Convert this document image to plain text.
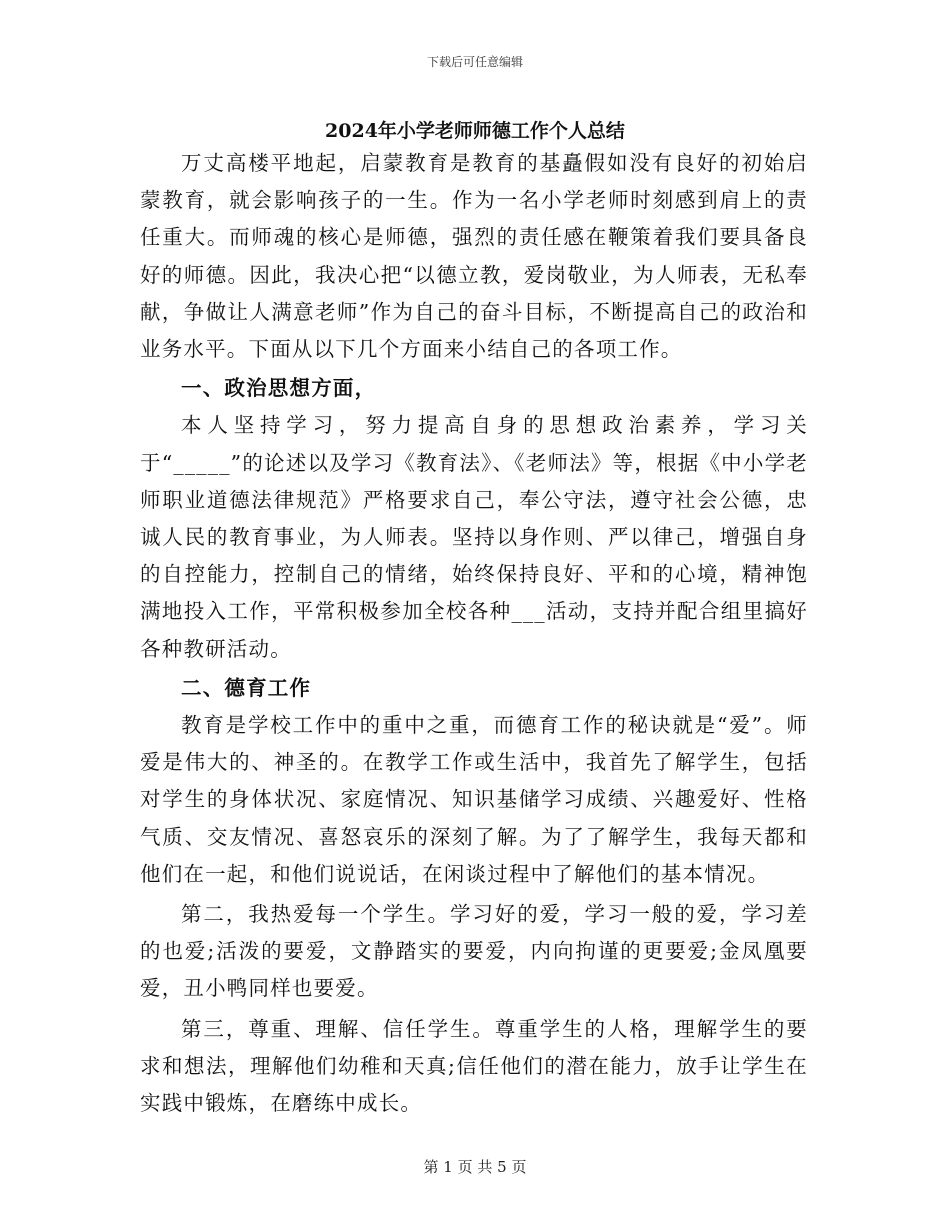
下载后可任意编辑
2024年小学老师师德工作个人总结

万丈高楼平地起，启蒙教育是教育的基矗假如没有良好的初始启蒙教育，就会影响孩子的一生。作为一名小学老师时刻感到肩上的责任重大。而师魂的核心是师德，强烈的责任感在鞭策着我们要具备良好的师德。因此，我决心把“以德立教，爱岗敬业，为人师表，无私奉献，争做让人满意老师”作为自己的奋斗目标，不断提高自己的政治和业务水平。下面从以下几个方面来小结自己的各项工作。

一、政治思想方面，

本人坚持学习，努力提高自身的思想政治素养，学习关于“_____”的论述以及学习《教育法》、《老师法》等，根据《中小学老师职业道德法律规范》严格要求自己，奉公守法，遵守社会公德，忠诚人民的教育事业，为人师表。坚持以身作则、严以律己，增强自身的自控能力，控制自己的情绪，始终保持良好、平和的心境，精神饱满地投入工作，平常积极参加全校各种___活动，支持并配合组里搞好各种教研活动。

二、德育工作

教育是学校工作中的重中之重，而德育工作的秘诀就是“爱”。师爱是伟大的、神圣的。在教学工作或生活中，我首先了解学生，包括对学生的身体状况、家庭情况、知识基储学习成绩、兴趣爱好、性格气质、交友情况、喜怒哀乐的深刻了解。为了了解学生，我每天都和他们在一起，和他们说说话，在闲谈过程中了解他们的基本情况。

第二，我热爱每一个学生。学习好的爱，学习一般的爱，学习差的也爱;活泼的要爱，文静踏实的要爱，内向拘谨的更要爱;金凤凰要爱，丑小鸭同样也要爱。

第三，尊重、理解、信任学生。尊重学生的人格，理解学生的要求和想法，理解他们幼稚和天真;信任他们的潜在能力，放手让学生在实践中锻炼，在磨练中成长。

第 1 页 共 5 页
